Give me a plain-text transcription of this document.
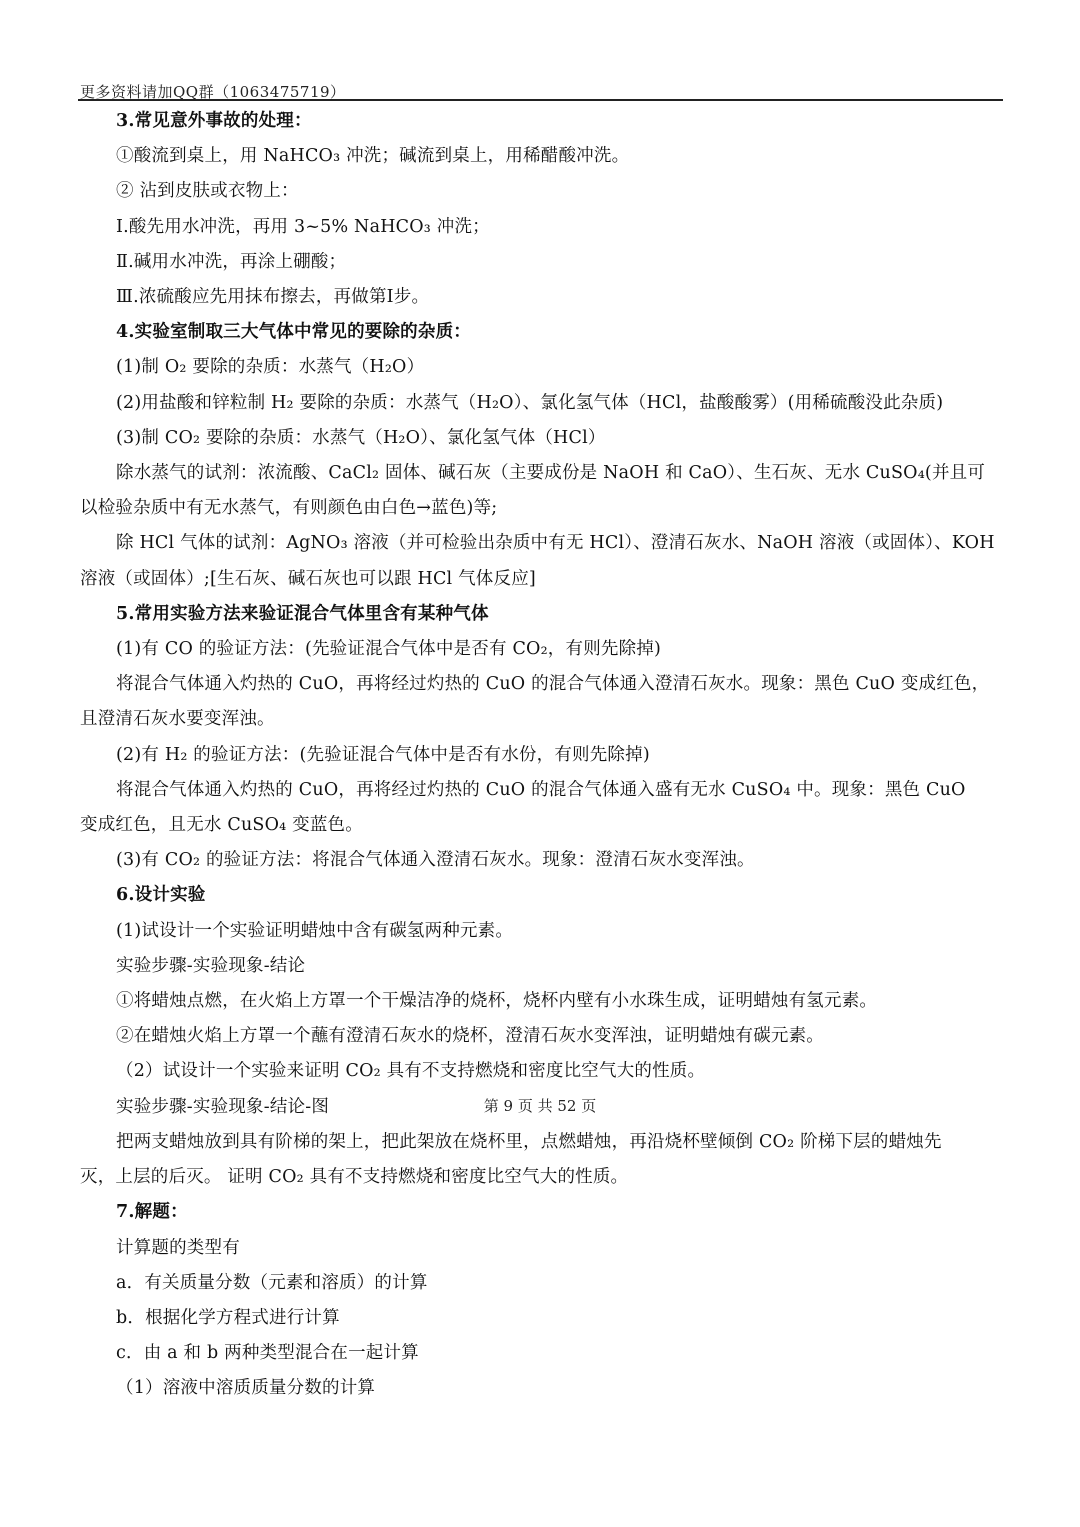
更多资料请加QQ群（1063475719）
3.常见意外事故的处理：
①酸流到桌上，用 NaHCO₃ 冲洗；碱流到桌上，用稀醋酸冲洗。
② 沾到皮肤或衣物上：
Ⅰ.酸先用水冲洗，再用 3~5% NaHCO₃ 冲洗；
Ⅱ.碱用水冲洗，再涂上硼酸；
Ⅲ.浓硫酸应先用抹布擦去，再做第Ⅰ步。
4.实验室制取三大气体中常见的要除的杂质：
(1)制 O₂ 要除的杂质：水蒸气（H₂O）
(2)用盐酸和锌粒制 H₂ 要除的杂质：水蒸气（H₂O）、氯化氢气体（HCl，盐酸酸雾）(用稀硫酸没此杂质)
(3)制 CO₂ 要除的杂质：水蒸气（H₂O）、氯化氢气体（HCl）
除水蒸气的试剂：浓流酸、CaCl₂ 固体、碱石灰（主要成份是 NaOH 和 CaO）、生石灰、无水 CuSO₄(并且可
以检验杂质中有无水蒸气，有则颜色由白色→蓝色)等;
除 HCl 气体的试剂：AgNO₃ 溶液（并可检验出杂质中有无 HCl）、澄清石灰水、NaOH 溶液（或固体）、KOH
溶液（或固体）;[生石灰、碱石灰也可以跟 HCl 气体反应]
5.常用实验方法来验证混合气体里含有某种气体
(1)有 CO 的验证方法：(先验证混合气体中是否有 CO₂，有则先除掉)
将混合气体通入灼热的 CuO，再将经过灼热的 CuO 的混合气体通入澄清石灰水。现象：黑色 CuO 变成红色，
且澄清石灰水要变浑浊。
(2)有 H₂ 的验证方法：(先验证混合气体中是否有水份，有则先除掉)
将混合气体通入灼热的 CuO，再将经过灼热的 CuO 的混合气体通入盛有无水 CuSO₄ 中。现象：黑色 CuO
变成红色，且无水 CuSO₄ 变蓝色。
(3)有 CO₂ 的验证方法：将混合气体通入澄清石灰水。现象：澄清石灰水变浑浊。
6.设计实验
(1)试设计一个实验证明蜡烛中含有碳氢两种元素。
实验步骤-实验现象-结论
①将蜡烛点燃，在火焰上方罩一个干燥洁净的烧杯，烧杯内壁有小水珠生成，证明蜡烛有氢元素。
②在蜡烛火焰上方罩一个蘸有澄清石灰水的烧杯，澄清石灰水变浑浊，证明蜡烛有碳元素。
（2）试设计一个实验来证明 CO₂ 具有不支持燃烧和密度比空气大的性质。
实验步骤-实验现象-结论-图
把两支蜡烛放到具有阶梯的架上，把此架放在烧杯里，点燃蜡烛，再沿烧杯壁倾倒 CO₂ 阶梯下层的蜡烛先
灭，上层的后灭。 证明 CO₂ 具有不支持燃烧和密度比空气大的性质。
7.解题：
计算题的类型有
a．有关质量分数（元素和溶质）的计算
b．根据化学方程式进行计算
c．由 a 和 b 两种类型混合在一起计算
（1）溶液中溶质质量分数的计算
第 9 页 共 52 页
